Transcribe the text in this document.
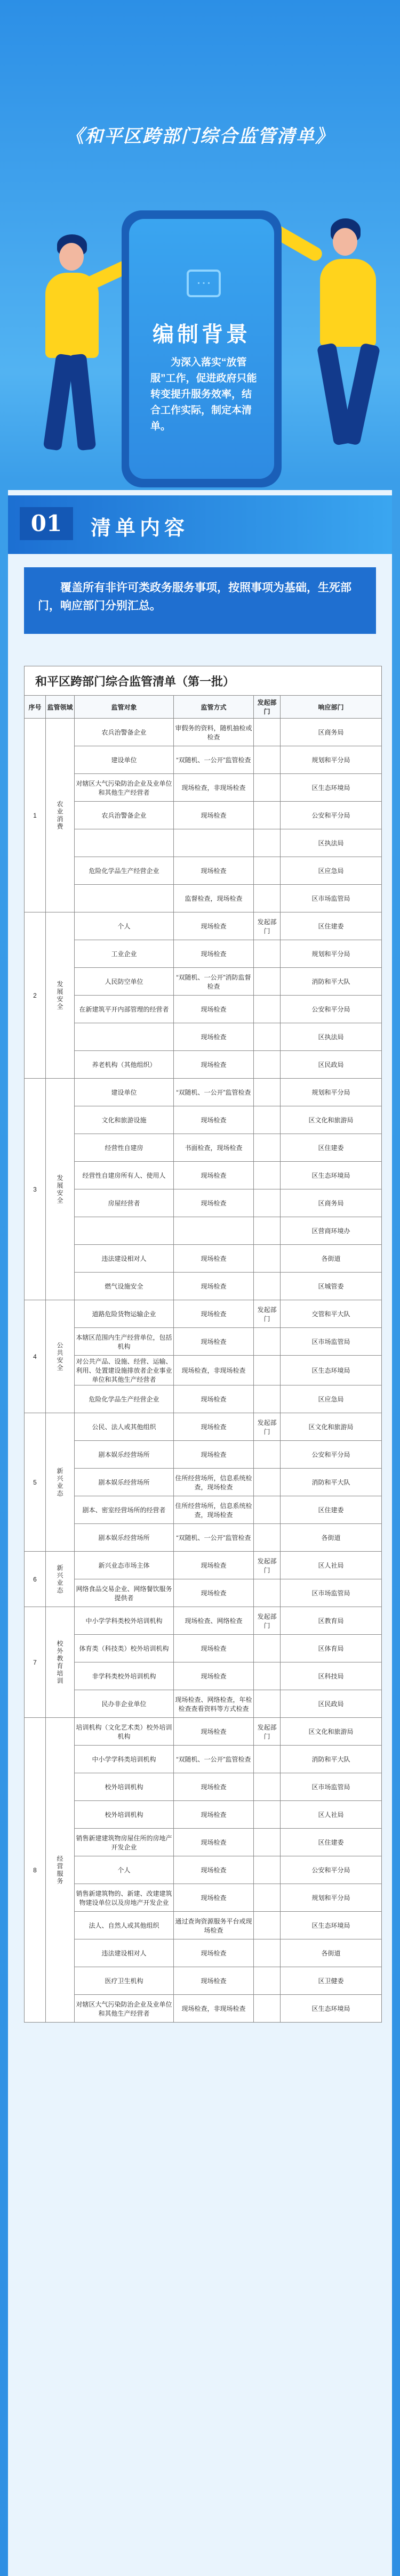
《和平区跨部门综合监管清单》
…
编制背景
为深入落实“放管服”工作，促进政府只能转变提升服务效率，结合工作实际，制定本清单。
01	清单内容
覆盖所有非许可类政务服务事项，按照事项为基础，生死部门，响应部门分别汇总。
和平区跨部门综合监管清单（第一批）					
序号	监管领域	监管对象	监管方式	发起部门	响应部门
1	农业消费	农兵治警备企业	审假务的资料，随机抽检或检查		区商务局
		建设单位	“双随机、一公开”监管检查		规划和平分局
		对辖区大气污染防治企业及业单位和其他生产经营者	现场检查，非现场检查		区生态环境局
		农兵治警备企业	现场检查		公安和平分局
					区执法局
		危险化学品生产经营企业	现场检查		区应急局
			监督检查，现场检查		区市场监管局
2	发展安全	个人	现场检查	发起部门	区住建委
		工业企业	现场检查		规划和平分局
		人民防空单位	“双随机、一公开”消防监督检查		消防和平大队
		在新建筑平开内部管理的经营者	现场检查		公安和平分局
			现场检查		区执法局
		养老机构（其他组织）	现场检查		区民政局
3	发展安全	建设单位	“双随机、一公开”监管检查		规划和平分局
		文化和旅游设施	现场检查		区文化和旅游局
		经营性自建房	书面检查，现场检查		区住建委
		经营性自建房所有人、使用人	现场检查		区生态环境局
		房屋经营者	现场检查		区商务局
					区营商环境办
		违法建设相对人	现场检查		各街道
		燃气设施安全	现场检查		区城管委
4	公共安全	道路危险货物运输企业	现场检查	发起部门	交管和平大队
		本辖区范围内生产经营单位，包括机构	现场检查		区市场监管局
		对公共产品、设施、经营、运输、利用、处置建设施排放者企业事业单位和其他生产经营者	现场检查，非现场检查		区生态环境局
		危险化学品生产经营企业	现场检查		区应急局
5	新兴业态	公民、法人或其他组织	现场检查	发起部门	区文化和旅游局
		剧本娱乐经营场所	现场检查		公安和平分局
		剧本娱乐经营场所	住所经营场所，信息系统检查，现场检查		消防和平大队
		剧本、密室经营场所的经营者	住所经营场所，信息系统检查，现场检查		区住建委
		剧本娱乐经营场所	“双随机、一公开”监管检查		各街道
6	新兴业态	新兴业态市场主体	现场检查	发起部门	区人社局
		网络食品交易企业、网络餐饮服务提供者	现场检查		区市场监管局
7	校外教育培训	中小学学科类校外培训机构	现场检查、网络检查	发起部门	区教育局
		体育类（科技类）校外培训机构	现场检查		区体育局
		非学科类校外培训机构	现场检查		区科技局
		民办非企业单位	现场检查、网络检查，年检检查查看资料等方式检查		区民政局
8	经营服务	培训机构（文化艺术类）校外培训机构	现场检查	发起部门	区文化和旅游局
		中小学学科类培训机构	“双随机、一公开”监管检查		消防和平大队
		校外培训机构	现场检查		区市场监管局
		校外培训机构	现场检查		区人社局
		销售新建建筑物房屋住所的房地产开发企业	现场检查		区住建委
		个人	现场检查		公安和平分局
		销售新建筑物的、新建、改建建筑物建设单位以及房地产开发企业	现场检查		规划和平分局
		法人、自然人或其他组织	通过查询资源服务平台或现场检查		区生态环境局
		违法建设相对人	现场检查		各街道
		医疗卫生机构	现场检查		区卫健委
		对辖区大气污染防治企业及业单位和其他生产经营者	现场检查，非现场检查		区生态环境局
